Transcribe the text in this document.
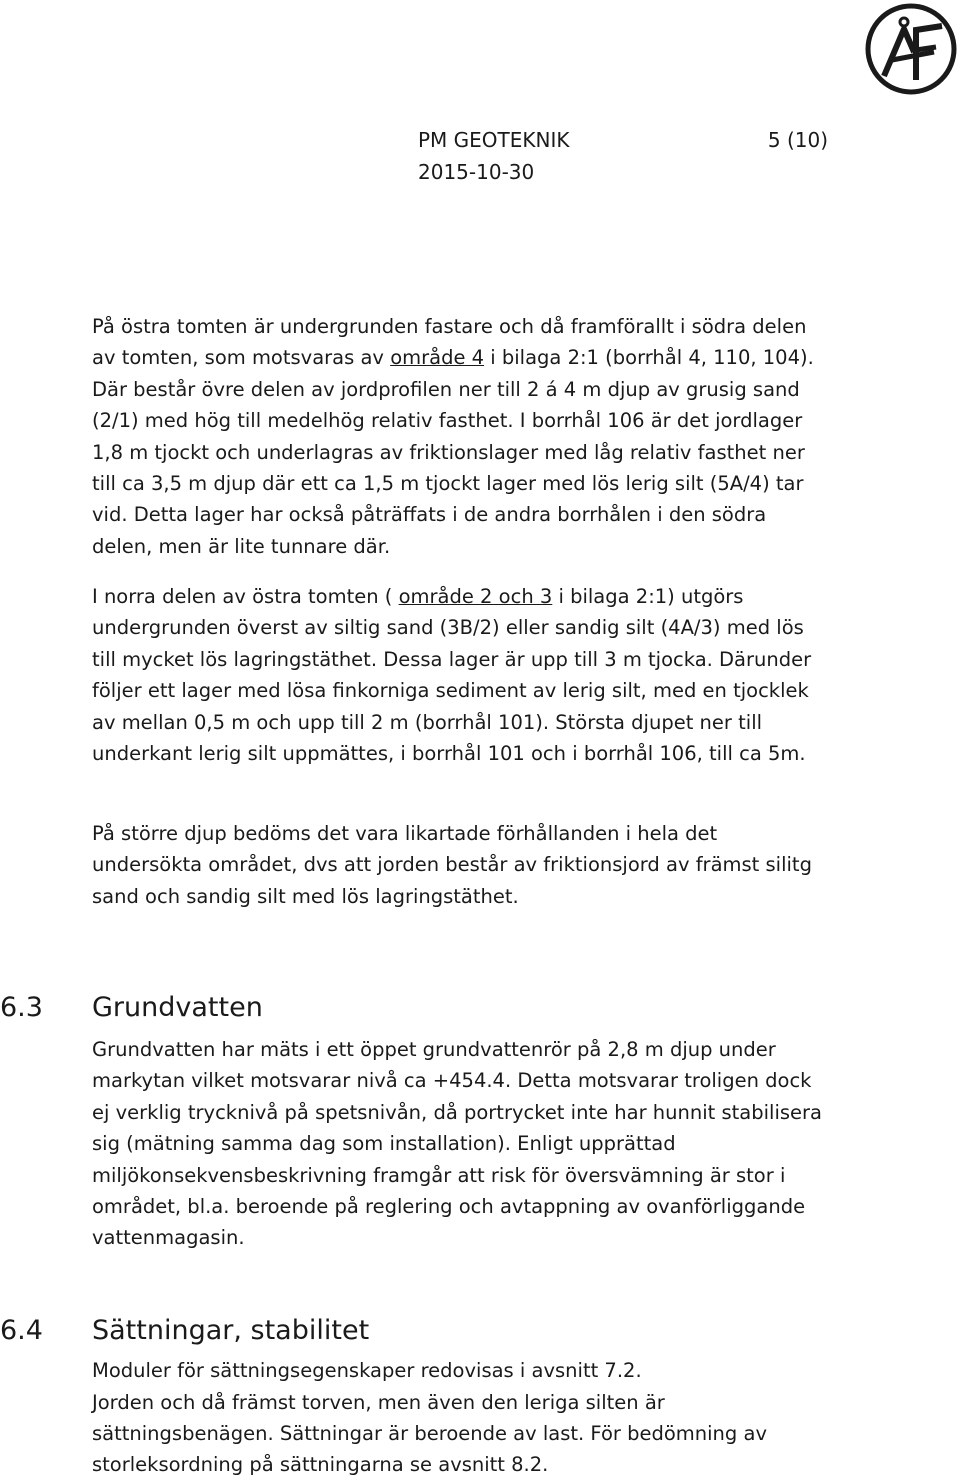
PM GEOTEKNIK	5 (10)
2015-10-30

På östra tomten är undergrunden fastare och då framförallt i södra delen av tomten, som motsvaras av område 4 i bilaga 2:1 (borrhål 4, 110, 104). Där består övre delen av jordprofilen ner till 2 á 4 m djup av grusig sand (2/1) med hög till medelhög relativ fasthet. I borrhål 106 är det jordlager 1,8 m tjockt och underlagras av friktionslager med låg relativ fasthet ner till ca 3,5 m djup där ett ca 1,5 m tjockt lager med lös lerig silt (5A/4) tar vid. Detta lager har också påträffats i de andra borrhålen i den södra delen, men är lite tunnare där.

I norra delen av östra tomten ( område 2 och 3 i bilaga 2:1) utgörs undergrunden överst av siltig sand (3B/2) eller sandig silt (4A/3) med lös till mycket lös lagringstäthet. Dessa lager är upp till 3 m tjocka. Därunder följer ett lager med lösa finkorniga sediment av lerig silt, med en tjocklek av mellan 0,5 m och upp till 2 m (borrhål 101). Största djupet ner till underkant lerig silt uppmättes, i borrhål 101 och i borrhål 106, till ca 5m.

På större djup bedöms det vara likartade förhållanden i hela det undersökta området, dvs att jorden består av friktionsjord av främst silitg sand och sandig silt med lös lagringstäthet.

6.3 Grundvatten

Grundvatten har mäts i ett öppet grundvattenrör på 2,8 m djup under markytan vilket motsvarar nivå ca +454.4. Detta motsvarar troligen dock ej verklig trycknivå på spetsnivån, då portrycket inte har hunnit stabilisera sig (mätning samma dag som installation). Enligt upprättad miljökonsekvensbeskrivning framgår att risk för översvämning är stor i området, bl.a. beroende på reglering och avtappning av ovanförliggande vattenmagasin.

6.4 Sättningar, stabilitet

Moduler för sättningsegenskaper redovisas i avsnitt 7.2.

Jorden och då främst torven, men även den leriga silten är sättningsbenägen. Sättningar är beroende av last. För bedömning av storleksordning på sättningarna se avsnitt 8.2.
